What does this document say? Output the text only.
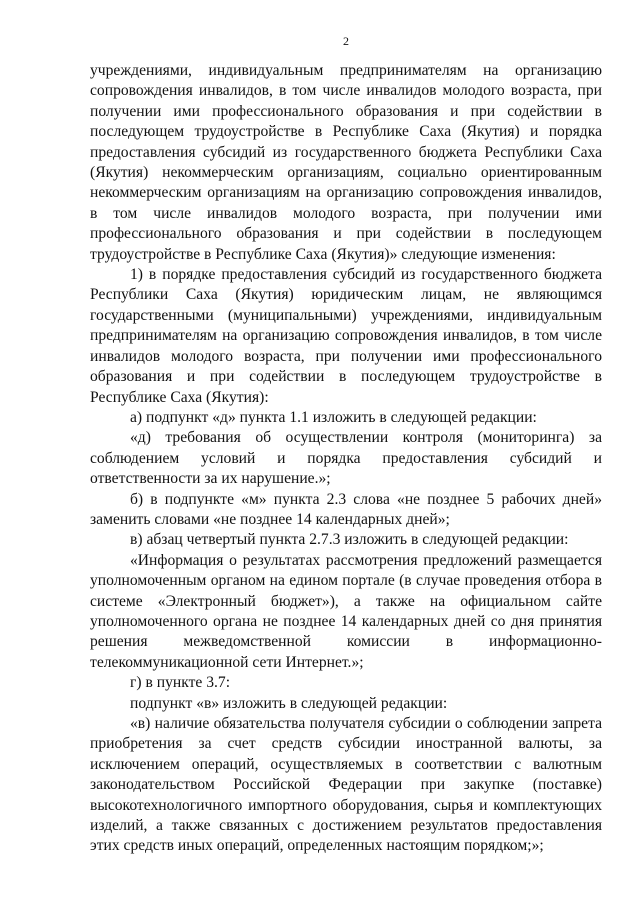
2

учреждениями, индивидуальным предпринимателям на организацию сопровождения инвалидов, в том числе инвалидов молодого возраста, при получении ими профессионального образования и при содействии в последующем трудоустройстве в Республике Саха (Якутия) и порядка предоставления субсидий из государственного бюджета Республики Саха (Якутия) некоммерческим организациям, социально ориентированным некоммерческим организациям на организацию сопровождения инвалидов, в том числе инвалидов молодого возраста, при получении ими профессионального образования и при содействии в последующем трудоустройстве в Республике Саха (Якутия)» следующие изменения:

1) в порядке предоставления субсидий из государственного бюджета Республики Саха (Якутия) юридическим лицам, не являющимся государственными (муниципальными) учреждениями, индивидуальным предпринимателям на организацию сопровождения инвалидов, в том числе инвалидов молодого возраста, при получении ими профессионального образования и при содействии в последующем трудоустройстве в Республике Саха (Якутия):

а) подпункт «д» пункта 1.1 изложить в следующей редакции:

«д) требования об осуществлении контроля (мониторинга) за соблюдением условий и порядка предоставления субсидий и ответственности за их нарушение.»;

б) в подпункте «м» пункта 2.3 слова «не позднее 5 рабочих дней» заменить словами «не позднее 14 календарных дней»;

в) абзац четвертый пункта 2.7.3 изложить в следующей редакции:

«Информация о результатах рассмотрения предложений размещается уполномоченным органом на едином портале (в случае проведения отбора в системе «Электронный бюджет»), а также на официальном сайте уполномоченного органа не позднее 14 календарных дней со дня принятия решения межведомственной комиссии в информационно-телекоммуникационной сети Интернет.»;

г) в пункте 3.7:

подпункт «в» изложить в следующей редакции:

«в) наличие обязательства получателя субсидии о соблюдении запрета приобретения за счет средств субсидии иностранной валюты, за исключением операций, осуществляемых в соответствии с валютным законодательством Российской Федерации при закупке (поставке) высокотехнологичного импортного оборудования, сырья и комплектующих изделий, а также связанных с достижением результатов предоставления этих средств иных операций, определенных настоящим порядком;»;
